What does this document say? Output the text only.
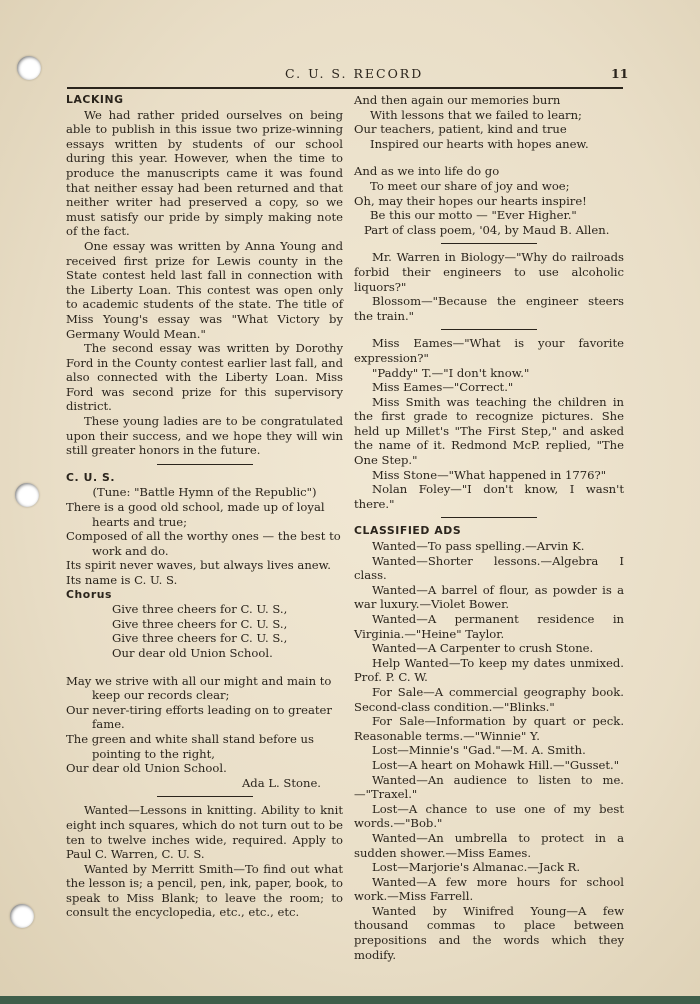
C. U. S. RECORD	11

LACKING

We had rather prided ourselves on being able to publish in this issue two prize-winning essays written by students of our school during this year. However, when the time to produce the manuscripts came it was found that neither essay had been returned and that neither writer had preserved a copy, so we must satisfy our pride by simply making note of the fact.

One essay was written by Anna Young and received first prize for Lewis county in the State contest held last fall in connection with the Liberty Loan. This contest was open only to academic students of the state. The title of Miss Young's essay was "What Victory by Germany Would Mean."

The second essay was written by Dorothy Ford in the County contest earlier last fall, and also connected with the Liberty Loan. Miss Ford was second prize for this supervisory district.

These young ladies are to be congratulated upon their success, and we hope they will win still greater honors in the future.

C. U. S.

(Tune: "Battle Hymn of the Republic")

There is a good old school, made up of loyal hearts and true;

Composed of all the worthy ones — the best to work and do.

Its spirit never waves, but always lives anew.

Its name is C. U. S.

Chorus

Give three cheers for C. U. S.,

Give three cheers for C. U. S.,

Give three cheers for C. U. S.,

Our dear old Union School.

May we strive with all our might and main to keep our records clear;

Our never-tiring efforts leading on to greater fame.

The green and white shall stand before us pointing to the right,

Our dear old Union School.

Ada L. Stone.

Wanted—Lessons in knitting. Ability to knit eight inch squares, which do not turn out to be ten to twelve inches wide, required. Apply to Paul C. Warren, C. U. S.

Wanted by Merritt Smith—To find out what the lesson is; a pencil, pen, ink, paper, book, to speak to Miss Blank; to leave the room; to consult the encyclopedia, etc., etc., etc.

And then again our memories burn

With lessons that we failed to learn;

Our teachers, patient, kind and true

Inspired our hearts with hopes anew.

And as we into life do go

To meet our share of joy and woe;

Oh, may their hopes our hearts inspire!

Be this our motto — "Ever Higher."

Part of class poem, '04, by Maud B. Allen.

Mr. Warren in Biology—"Why do railroads forbid their engineers to use alcoholic liquors?"

Blossom—"Because the engineer steers the train."

Miss Eames—"What is your favorite expression?"

"Paddy" T.—"I don't know."

Miss Eames—"Correct."

Miss Smith was teaching the children in the first grade to recognize pictures. She held up Millet's "The First Step," and asked the name of it. Redmond McP. replied, "The One Step."

Miss Stone—"What happened in 1776?"

Nolan Foley—"I don't know, I wasn't there."

CLASSIFIED ADS

Wanted—To pass spelling.—Arvin K.

Wanted—Shorter lessons.—Algebra I class.

Wanted—A barrel of flour, as powder is a war luxury.—Violet Bower.

Wanted—A permanent residence in Virginia.—"Heine" Taylor.

Wanted—A Carpenter to crush Stone.

Help Wanted—To keep my dates unmixed. Prof. P. C. W.

For Sale—A commercial geography book. Second-class condition.—"Blinks."

For Sale—Information by quart or peck. Reasonable terms.—"Winnie" Y.

Lost—Minnie's "Gad."—M. A. Smith.

Lost—A heart on Mohawk Hill.—"Gusset."

Wanted—An audience to listen to me.—"Traxel."

Lost—A chance to use one of my best words.—"Bob."

Wanted—An umbrella to protect in a sudden shower.—Miss Eames.

Lost—Marjorie's Almanac.—Jack R.

Wanted—A few more hours for school work.—Miss Farrell.

Wanted by Winifred Young—A few thousand commas to place between prepositions and the words which they modify.
